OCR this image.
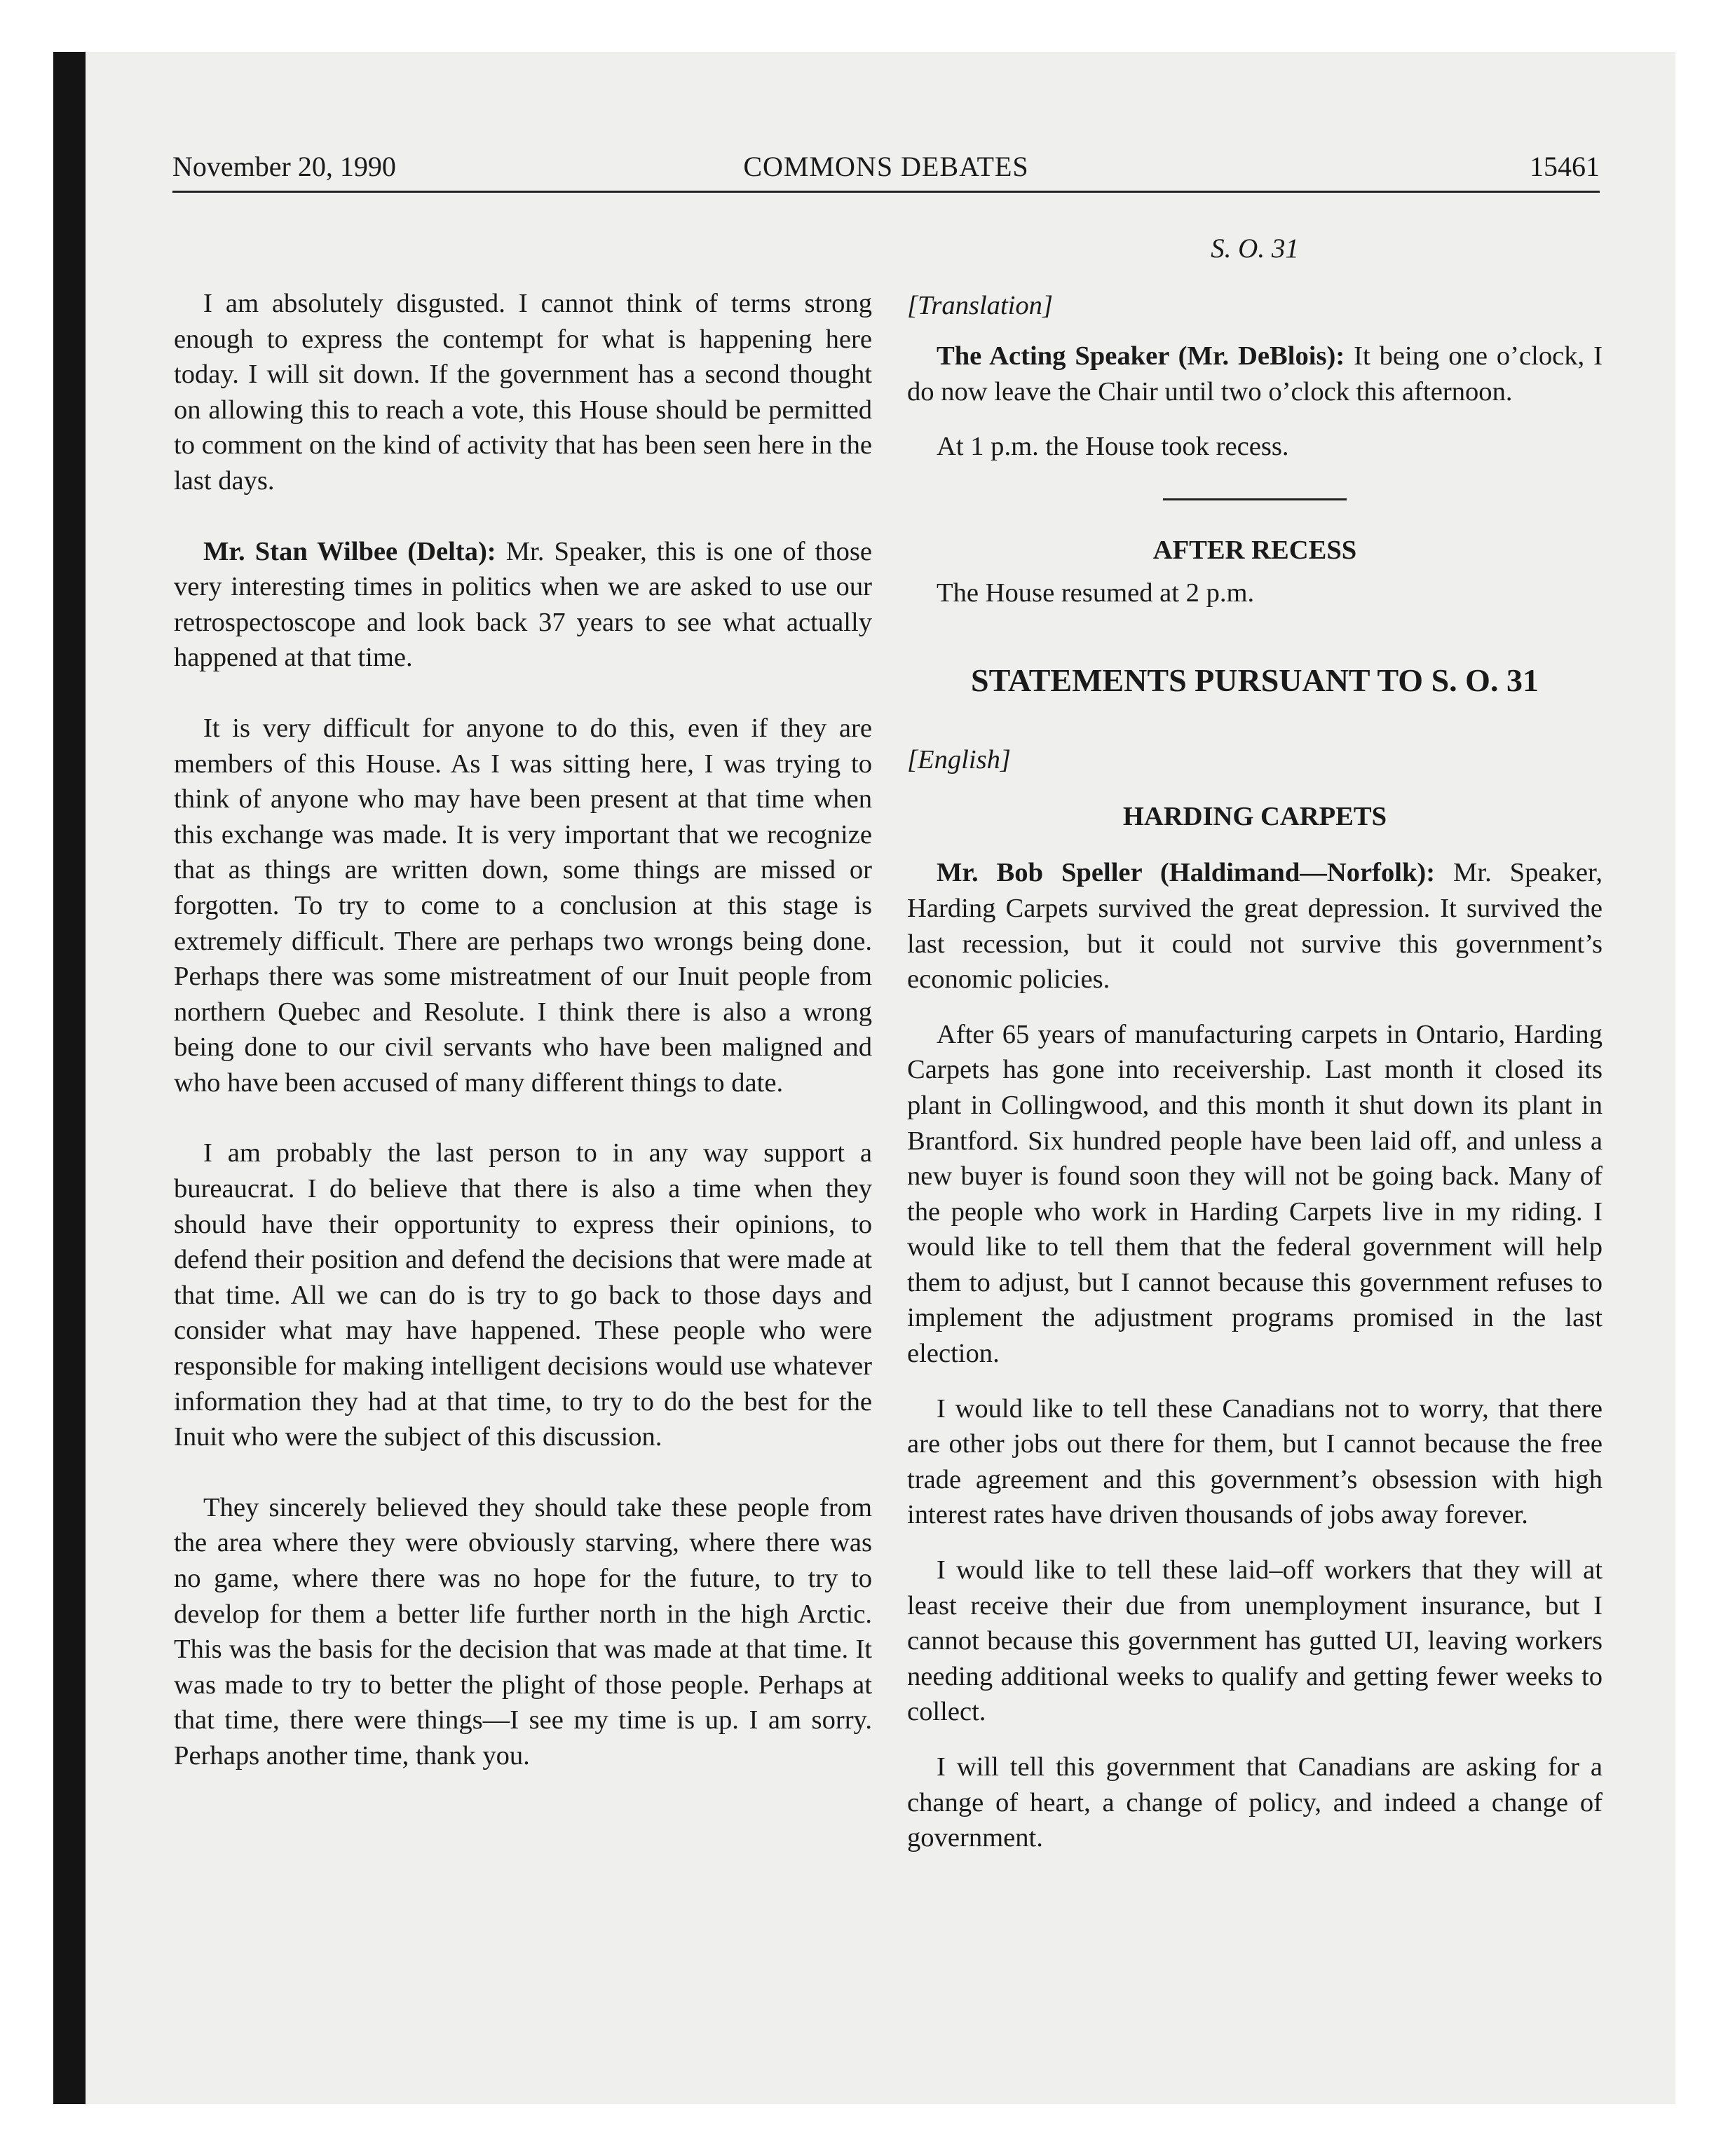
COMMONS DEBATES
November 20, 1990	15461

I am absolutely disgusted. I cannot think of terms strong enough to express the contempt for what is happening here today. I will sit down. If the government has a second thought on allowing this to reach a vote, this House should be permitted to comment on the kind of activity that has been seen here in the last days.

Mr. Stan Wilbee (Delta): Mr. Speaker, this is one of those very interesting times in politics when we are asked to use our retrospectoscope and look back 37 years to see what actually happened at that time.

It is very difficult for anyone to do this, even if they are members of this House. As I was sitting here, I was trying to think of anyone who may have been present at that time when this exchange was made. It is very important that we recognize that as things are written down, some things are missed or forgotten. To try to come to a conclusion at this stage is extremely difficult. There are perhaps two wrongs being done. Perhaps there was some mistreatment of our Inuit people from northern Quebec and Resolute. I think there is also a wrong being done to our civil servants who have been maligned and who have been accused of many different things to date.

I am probably the last person to in any way support a bureaucrat. I do believe that there is also a time when they should have their opportunity to express their opinions, to defend their position and defend the decisions that were made at that time. All we can do is try to go back to those days and consider what may have happened. These people who were responsible for making intelligent decisions would use whatever information they had at that time, to try to do the best for the Inuit who were the subject of this discussion.

They sincerely believed they should take these people from the area where they were obviously starving, where there was no game, where there was no hope for the future, to try to develop for them a better life further north in the high Arctic. This was the basis for the decision that was made at that time. It was made to try to better the plight of those people. Perhaps at that time, there were things—I see my time is up. I am sorry. Perhaps another time, thank you.

S. O. 31

[Translation]

The Acting Speaker (Mr. DeBlois): It being one o’clock, I do now leave the Chair until two o’clock this afternoon.

At 1 p.m. the House took recess.

AFTER RECESS

The House resumed at 2 p.m.

STATEMENTS PURSUANT TO S. O. 31

[English]

HARDING CARPETS

Mr. Bob Speller (Haldimand—Norfolk): Mr. Speaker, Harding Carpets survived the great depression. It survived the last recession, but it could not survive this government’s economic policies.

After 65 years of manufacturing carpets in Ontario, Harding Carpets has gone into receivership. Last month it closed its plant in Collingwood, and this month it shut down its plant in Brantford. Six hundred people have been laid off, and unless a new buyer is found soon they will not be going back. Many of the people who work in Harding Carpets live in my riding. I would like to tell them that the federal government will help them to adjust, but I cannot because this government refuses to implement the adjustment programs promised in the last election.

I would like to tell these Canadians not to worry, that there are other jobs out there for them, but I cannot because the free trade agreement and this government’s obsession with high interest rates have driven thousands of jobs away forever.

I would like to tell these laid–off workers that they will at least receive their due from unemployment insurance, but I cannot because this government has gutted UI, leaving workers needing additional weeks to qualify and getting fewer weeks to collect.

I will tell this government that Canadians are asking for a change of heart, a change of policy, and indeed a change of government.
